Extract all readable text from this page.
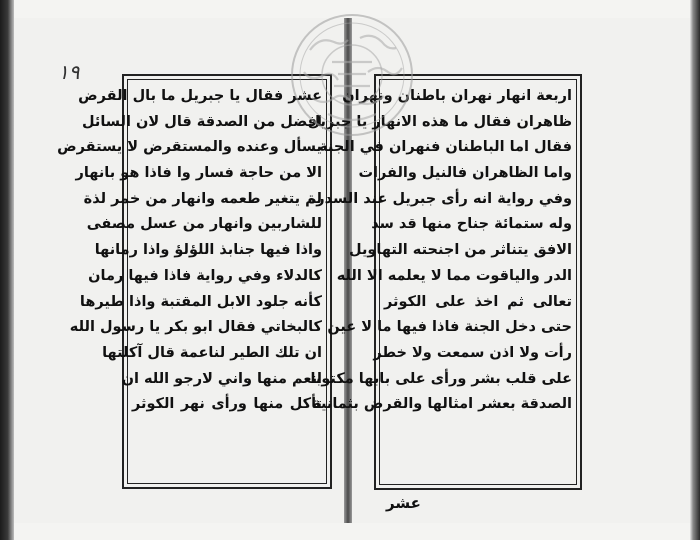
١٩
عشر فقال يا جبريل ما بال القرض
افضل من الصدقة قال لان السائل
يسأل وعنده والمستقرض لا يستقرض
الا من حاجة فسار وا فاذا هو بانهار
لم يتغير طعمه وانهار من خمر لذة
للشاربين وانهار من عسل مصفى
واذا فيها جنابذ اللؤلؤ واذا رمانها
كالدلاء وفي رواية فاذا فيها رمان
كأنه جلود الابل المقتبة واذا طيرها
كالبخاتي فقال ابو بكر يا رسول الله
ان تلك الطير لناعمة قال آكلتها
انعم منها واني لارجو الله ان
تأكل منها ورأى نهر الكوثر
اربعة انهار نهران باطنان ونهران
ظاهران فقال ما هذه الانهار يا جبريل
فقال اما الباطنان فنهران في الجنة
واما الظاهران فالنيل والفرات
وفي رواية انه رأى جبريل عند السدرة
وله ستمائة جناح منها قد سد
الافق يتناثر من اجنحته التهاويل
الدر والياقوت مما لا يعلمه الا الله
تعالى ثم اخذ على الكوثر
حتى دخل الجنة فاذا فيها ما لا عين
رأت ولا اذن سمعت ولا خطر
على قلب بشر ورأى على بابها مكتوبا
الصدقة بعشر امثالها والقرض بثمانية
عشر
